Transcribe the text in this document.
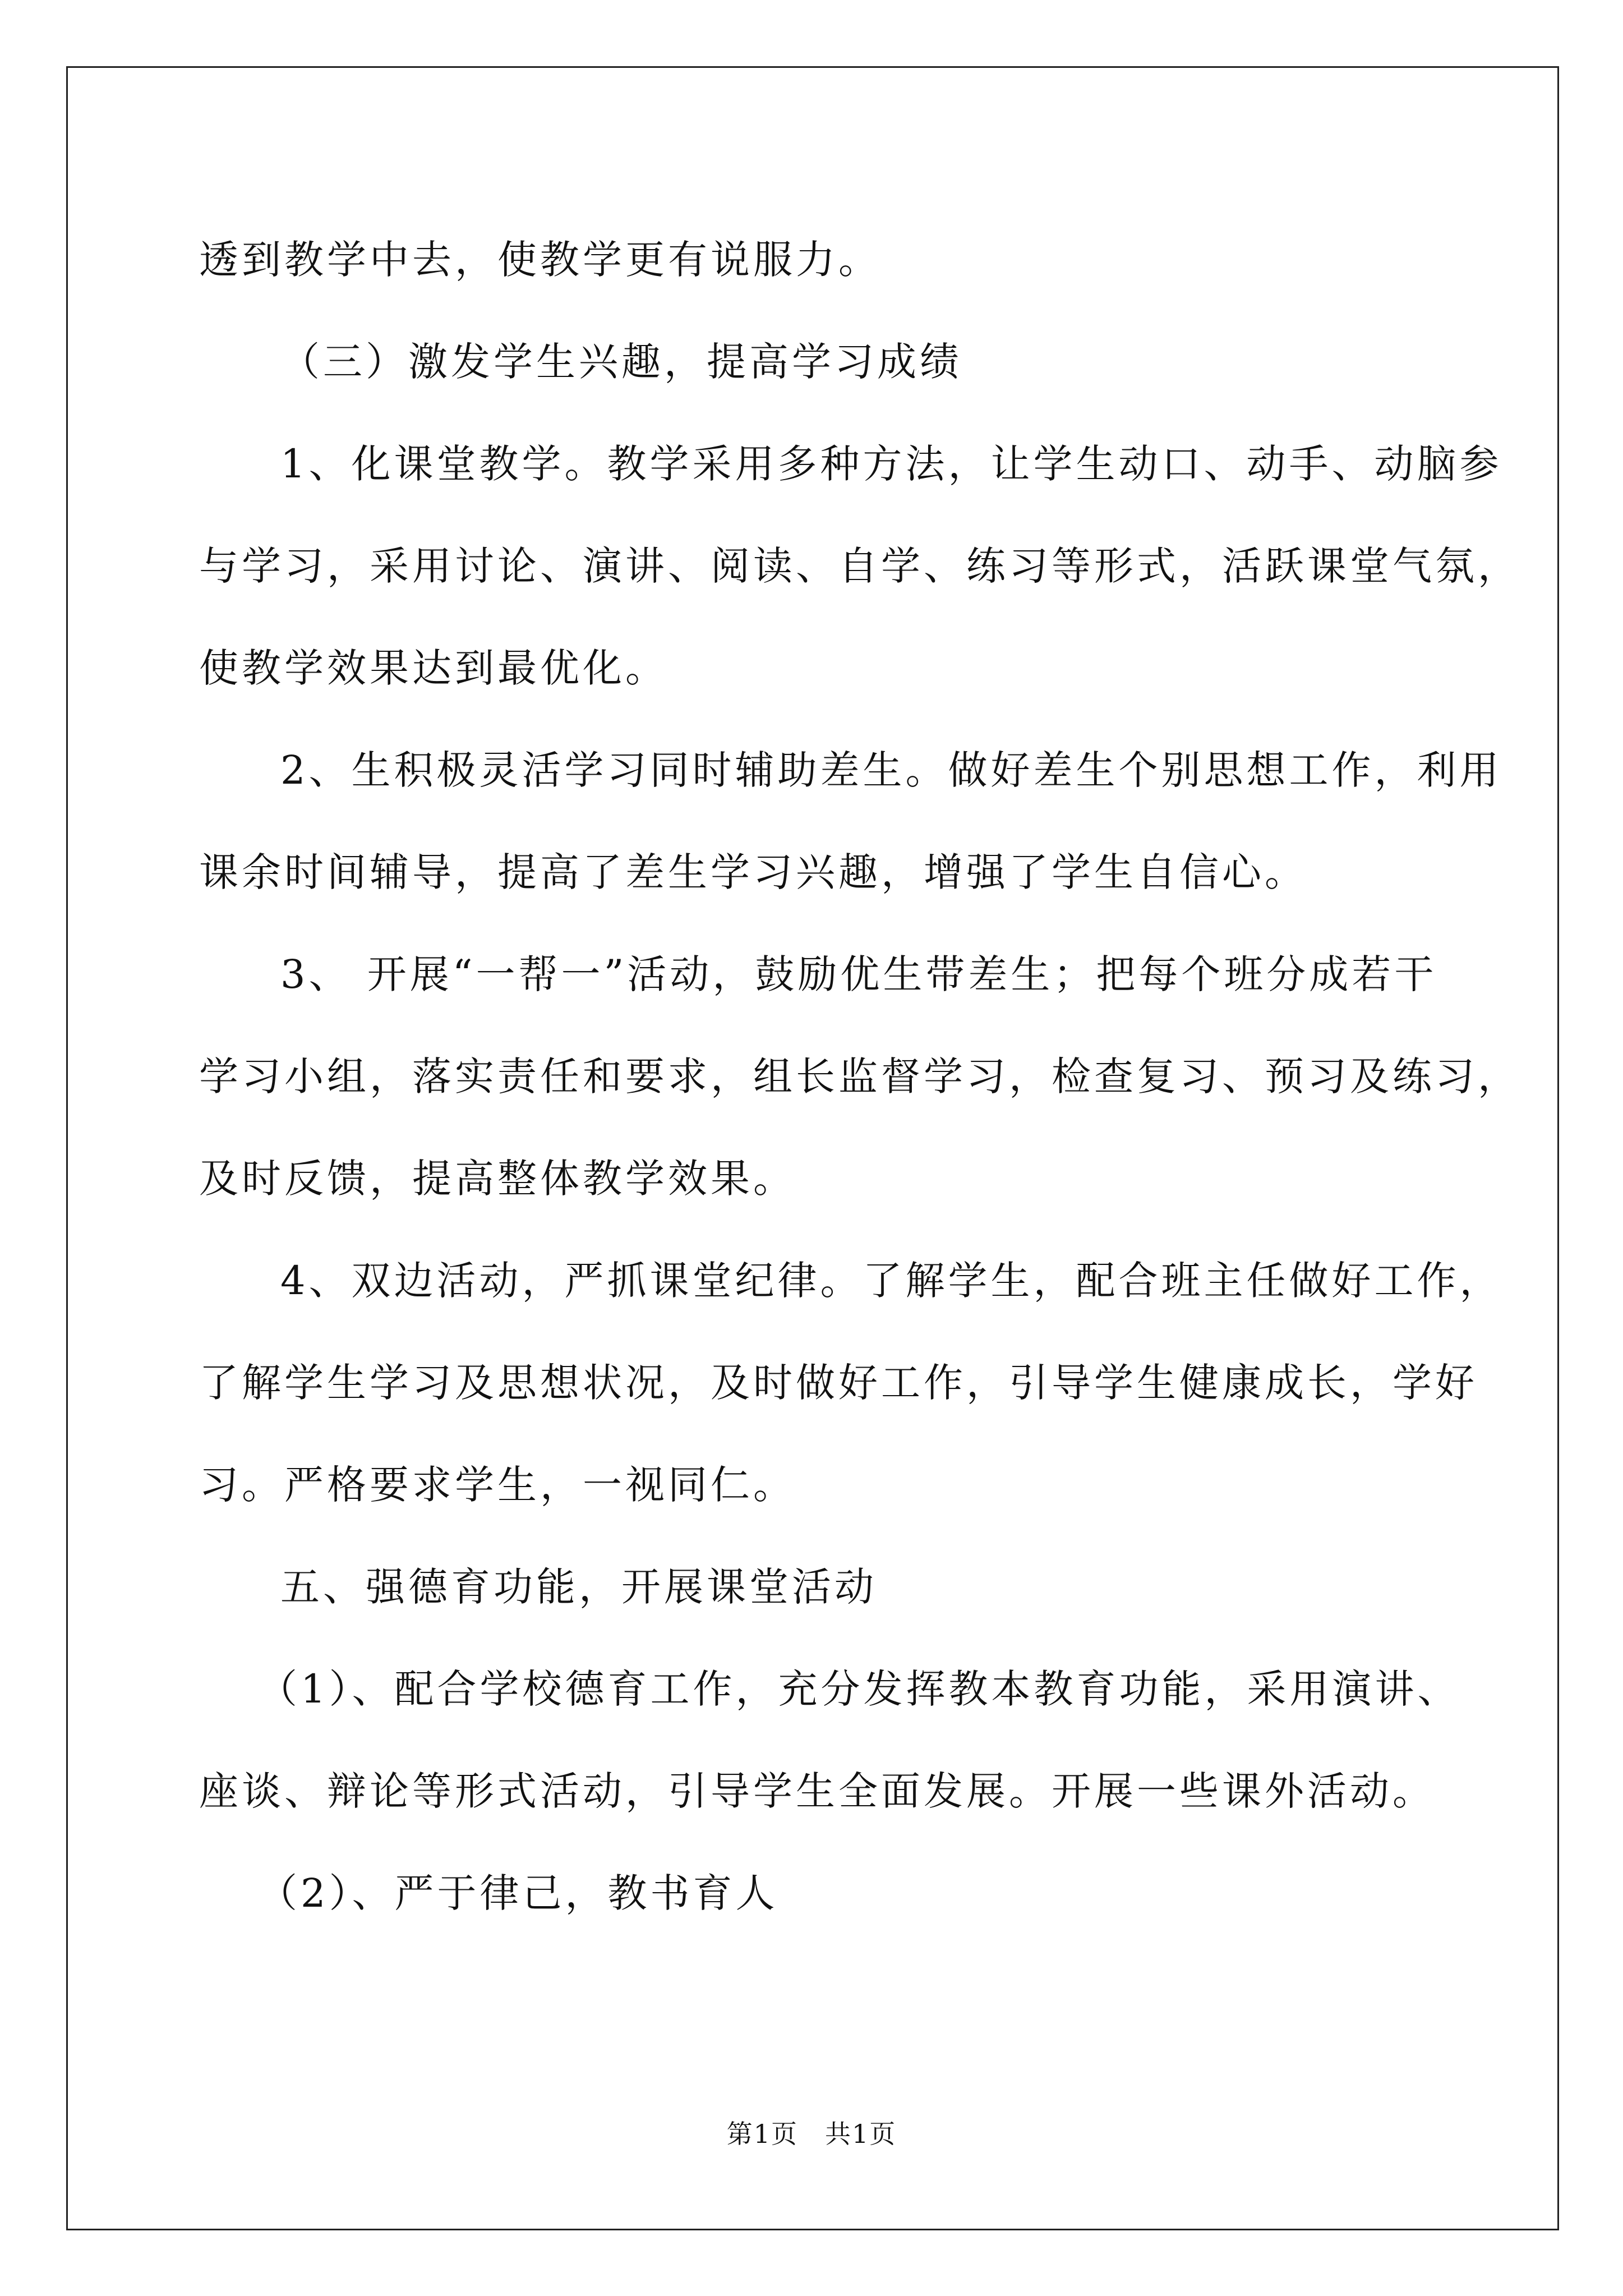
透到教学中去，使教学更有说服力。

（三）激发学生兴趣，提高学习成绩

1、化课堂教学。教学采用多种方法，让学生动口、动手、动脑参

与学习，采用讨论、演讲、阅读、自学、练习等形式，活跃课堂气氛，

使教学效果达到最优化。

2、生积极灵活学习同时辅助差生。做好差生个别思想工作，利用

课余时间辅导，提高了差生学习兴趣，增强了学生自信心。

3、 开展“一帮一”活动，鼓励优生带差生；把每个班分成若干

学习小组，落实责任和要求，组长监督学习，检查复习、预习及练习，

及时反馈，提高整体教学效果。

4、双边活动，严抓课堂纪律。了解学生，配合班主任做好工作，

了解学生学习及思想状况，及时做好工作，引导学生健康成长，学好

习。严格要求学生，一视同仁。

五、强德育功能，开展课堂活动

（1）、配合学校德育工作，充分发挥教本教育功能，采用演讲、

座谈、辩论等形式活动，引导学生全面发展。开展一些课外活动。

（2）、严于律己，教书育人

第1页 共1页
